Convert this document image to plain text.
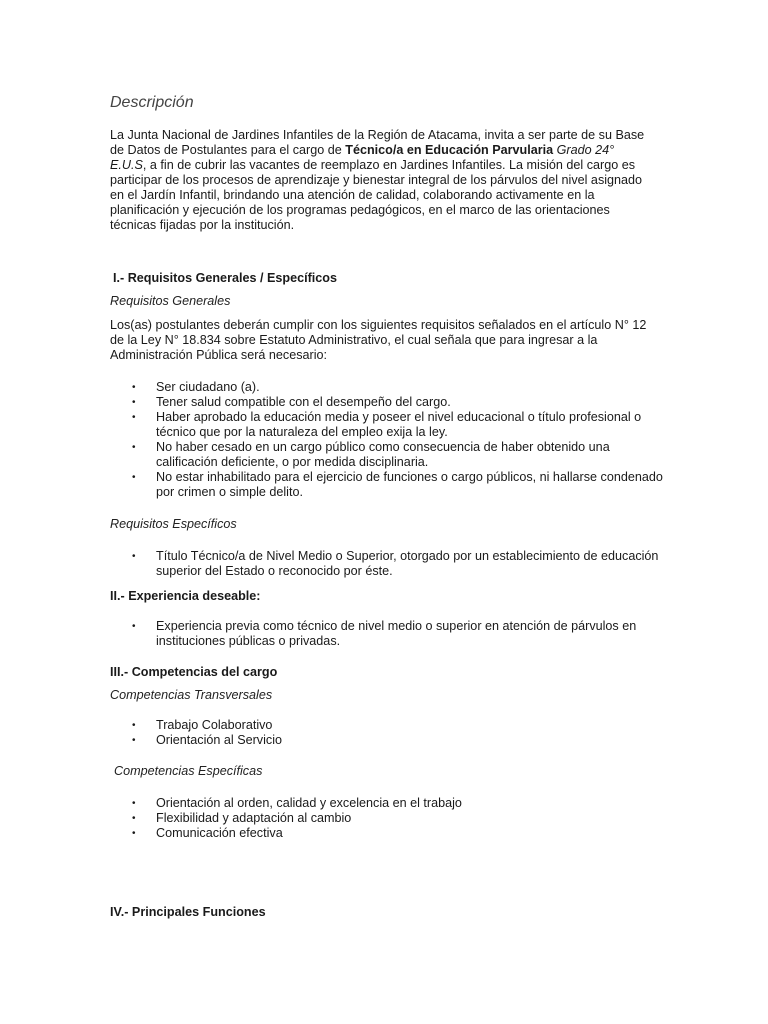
Descripción

La Junta Nacional de Jardines Infantiles de la Región de Atacama, invita a ser parte de su Base de Datos de Postulantes para el cargo de Técnico/a en Educación Parvularia Grado 24° E.U.S, a fin de cubrir las vacantes de reemplazo en Jardines Infantiles. La misión del cargo es participar de los procesos de aprendizaje y bienestar integral de los párvulos del nivel asignado en el Jardín Infantil, brindando una atención de calidad, colaborando activamente en la planificación y ejecución de los programas pedagógicos, en el marco de las orientaciones técnicas fijadas por la institución.

I.- Requisitos Generales / Específicos

Requisitos Generales

Los(as) postulantes deberán cumplir con los siguientes requisitos señalados en el artículo N° 12 de la Ley N° 18.834 sobre Estatuto Administrativo, el cual señala que para ingresar a la Administración Pública será necesario:

• Ser ciudadano (a).
• Tener salud compatible con el desempeño del cargo.
• Haber aprobado la educación media y poseer el nivel educacional o título profesional o técnico que por la naturaleza del empleo exija la ley.
• No haber cesado en un cargo público como consecuencia de haber obtenido una calificación deficiente, o por medida disciplinaria.
• No estar inhabilitado para el ejercicio de funciones o cargo públicos, ni hallarse condenado por crimen o simple delito.

Requisitos Específicos

• Título Técnico/a de Nivel Medio o Superior, otorgado por un establecimiento de educación superior del Estado o reconocido por éste.

II.- Experiencia deseable:

• Experiencia previa como técnico de nivel medio o superior en atención de párvulos en instituciones públicas o privadas.

III.- Competencias del cargo

Competencias Transversales

• Trabajo Colaborativo
• Orientación al Servicio

Competencias Específicas

• Orientación al orden, calidad y excelencia en el trabajo
• Flexibilidad y adaptación al cambio
• Comunicación efectiva

IV.- Principales Funciones
